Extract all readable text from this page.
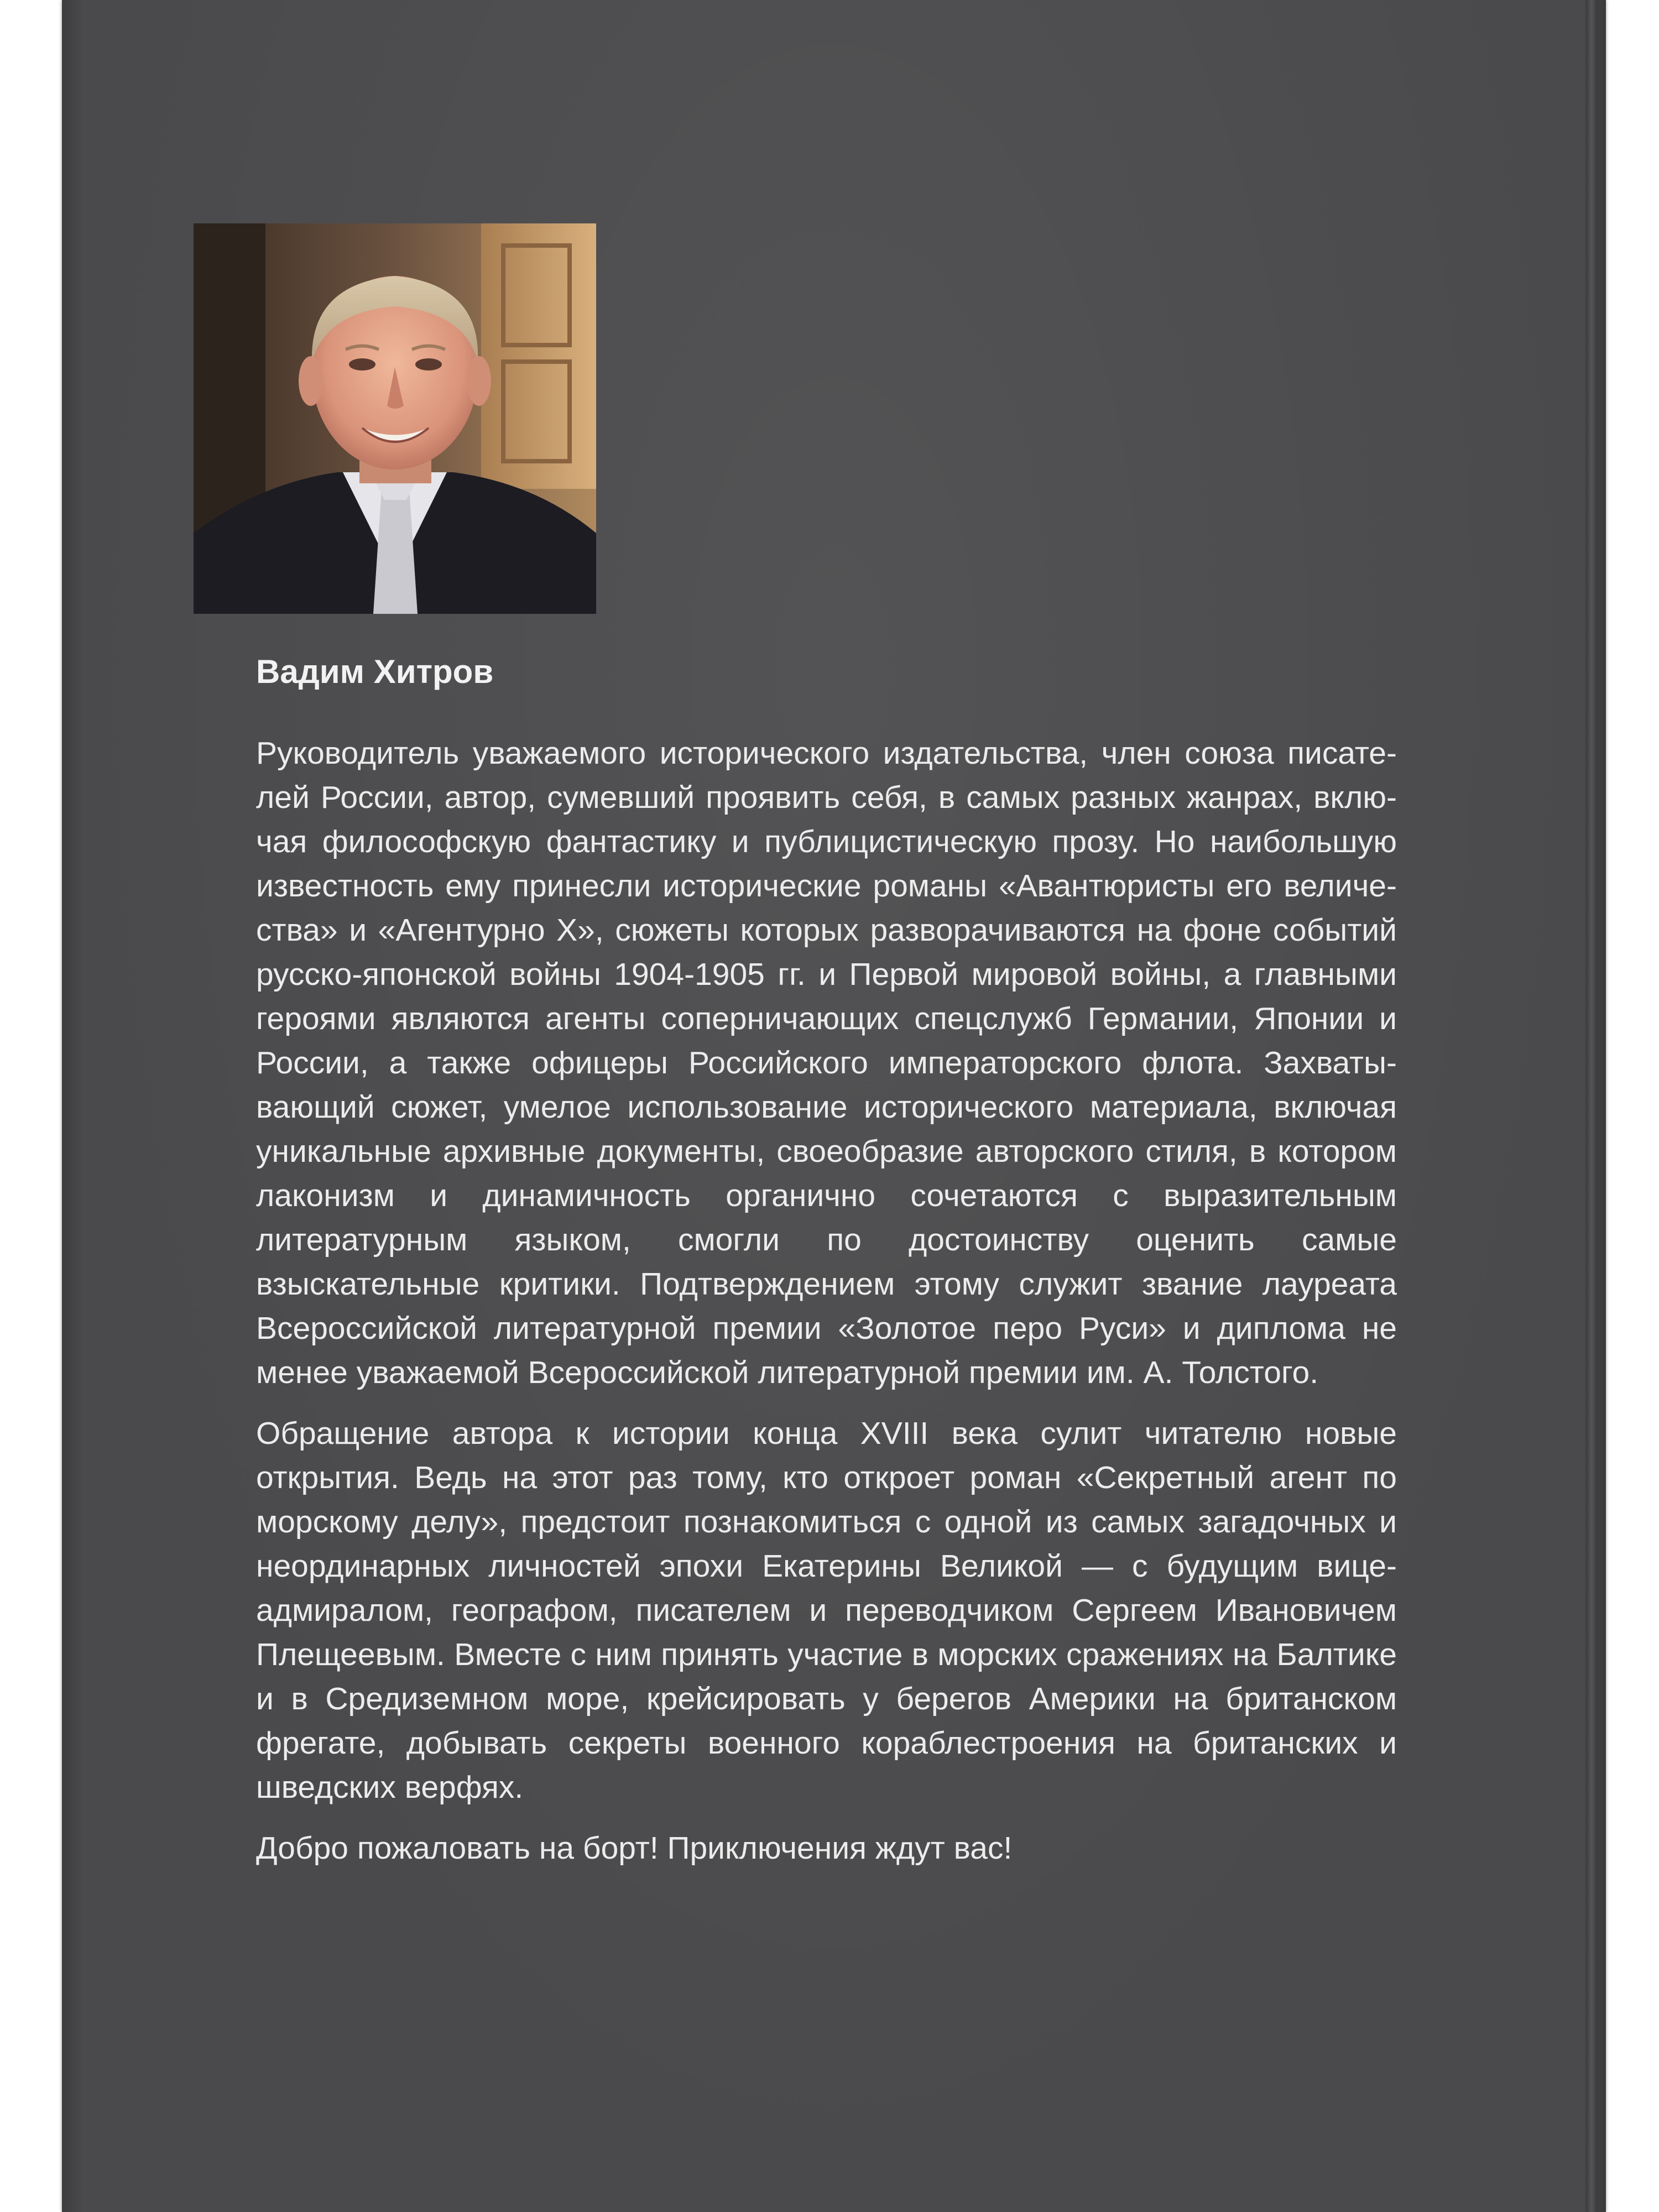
Вадим Хитров

Руководитель уважаемого исторического издательства, член союза писателей России, автор, сумевший проявить себя, в самых разных жанрах, включая философскую фантастику и публицистическую прозу. Но наибольшую известность ему принесли исторические романы «Авантюристы его величества» и «Агентурно Х», сюжеты которых разворачиваются на фоне событий русско-японской войны 1904-1905 гг. и Первой мировой войны, а главными героями являются агенты соперничающих спецслужб Германии, Японии и России, а также офицеры Российского императорского флота. Захватывающий сюжет, умелое использование исторического материала, включая уникальные архивные документы, своеобразие авторского стиля, в котором лаконизм и динамичность органично сочетаются с выразительным литературным языком, смогли по достоинству оценить самые взыскательные критики. Подтверждением этому служит звание лауреата Всероссийской литературной премии «Золотое перо Руси» и диплома не менее уважаемой Всероссийской литературной премии им. А. Толстого.

Обращение автора к истории конца XVIII века сулит читателю новые открытия. Ведь на этот раз тому, кто откроет роман «Секретный агент по морскому делу», предстоит познакомиться с одной из самых загадочных и неординарных личностей эпохи Екатерины Великой — с будущим вице-адмиралом, географом, писателем и переводчиком Сергеем Ивановичем Плещеевым. Вместе с ним принять участие в морских сражениях на Балтике и в Средиземном море, крейсировать у берегов Америки на британском фрегате, добывать секреты военного кораблестроения на британских и шведских верфях.

Добро пожаловать на борт! Приключения ждут вас!
